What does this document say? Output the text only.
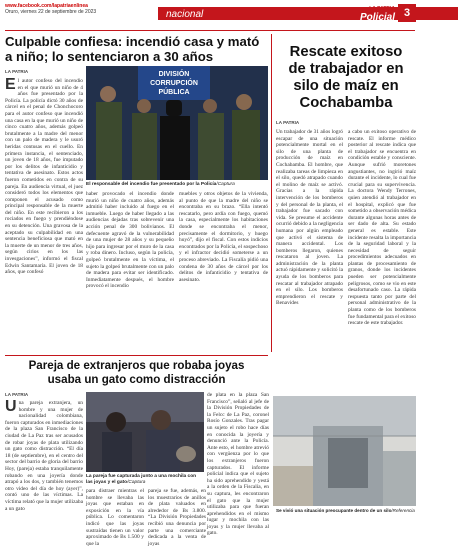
www.facebook.com/lapatriaenlinea
Oruro, viernes 22 de septiembre de 2023	nacional	LA PATRIA
Policial 3
Culpable confiesa: incendió casa y mató
a niño; lo sentenciaron a 30 años
LA PATRIA
El autor confeso del incendio en el que murió un niño de 4 años fue presentado por la Policía. La policía dictó 30 años de cárcel en el penal de Chonchocoro para el autor confeso que incendió una casa en la que murió un niño de cinco cuatro años, además golpeó brutalmente a la madre del menor con un palo de madera y le usuró heridas contusas en el cuello. En primera instancia, el sentenciado, un joven de 18 años, fue imputado por los delitos de infanticidio y tentativa de asesinato. Estos actos fueron cometidos en contra de su pareja. En audiencia virtual, el juez consideró todos los elementos que componen el acusado como principal responsable de la muerte del niño. En este recibieron a los rociados en fuego y prendiéndose en su detención. Una gravosa de la aceptado su culpabilidad en una sentencia beneficiosa que mató en la muerte de un menor de tres años, según cirios en los las invesgaciones”, informó el fiscal Edwin Santamaría. El joven de 18 años, que confesó
DIVISIÓN
CORRUPCIÓN
PÚBLICA
El responsable del incendio fue presentado por la Policía/Captura
haber provocado el incendio donde murió un niño de cuatro años, además admitió haber incluido al fuego en el inmueble. Luego de haber llegado a las audiencias dejadas tras sobrevenir una acción penal de 300 bolivianos. El defecuente agravó de la vulnerabilidad de una mujer de 28 años y su pequeño hijo para ingresar por el muro de la casa y roba dinero. Incluso, según la policía, golpeó brutalmente en la víctima, el sujeto la golpeó brutalmente con un palo de madera para evitar ser identificado. Inmediatamente después, el hombre provocó el incendio
muebles y otros objetos de la vivienda, al punto de que la madre del niño se encontraba en su brazo. “Ella intentó rescatarlo, pero ardía con fuego, quemó la casa, especialmente los habitaciones donde se encontraba el menor, precisamente el dormitorio, y huego huyó”, dijo el fiscal. Con estos indicios encontrados por la Policía, el sospechoso y el infractor decidió someterse a un proceso abreviado. La Fiscalía pidió una condena de 30 años de cárcel por los delitos de infanticidio y tentativa de asesinato.
Rescate exitoso
de trabajador en
silo de maíz en
Cochabamba
LA PATRIA
Un trabajador de 31 años logró escapar de una situación potencialmente mortal en el silo de una planta de producción de maíz en Cochabamba. El hombre, que realizaba tareas de limpieza en el silo, quedó atrapado cuando el molino de maíz se activó. Gracias a la rápida intervención de los bomberos y del personal de la planta, el trabajador fue sacado con vida. Se presume el accidente ocurrió debido a la negligencia humana por algún empleado que activó el sistema de manera accidental. Los bomberos llegaron, quienes rescataron al joven. La administración de la planta actuó rápidamente y solicitó la ayuda de los bomberos para rescatar al trabajador atrapado en el silo. Los bomberos emprendieron el rescate y Benavides
a cabo un exitoso operativo de rescate. El informe médico posterior al rescate indica que el trabajador se encuentra en condición estable y consciente. Aunque sufrió moretones angustiantes, no ingirió maíz durante el incidente, lo cual fue crucial para su supervivencia. La doctora Wendy Terrones, quien atendió al trabajador en el hospital, explicó que fue sometido a observación médica durante algunas horas antes de ser dado de alta. Su estado general es estable. Este incidente resalta la importancia de la seguridad laboral y la necesidad de seguir procedimientos adecuados en plantas de procesamiento de granos, donde los incidentes pueden ser potencialmente peligrosos, como se vio en este desafortunado caso. La rápida respuesta tanto por parte del personal administrativo de la planta como de los bomberos fue fundamental para el exitoso rescate de este trabajador.
Se vivió una situación preocupante dentro de un silo/Referencia
Pareja de extranjeros que robaba joyas
usaba un gato como distracción
LA PATRIA
Una pareja extranjera, un hombre y una mujer de nacionalidad colombiana, fueron capturados en inmediaciones de la plaza San Francisco de la ciudad de La Paz tras ser acusados de robar joyas de plata utilizando un gato como distracción. “El día 18 (de septiembre), en el centro del sector del barrio de gloria del barrio Hoy, (pareja) estaba tranquilamente robando en una joyería donde atrapó a los dos, y también tenemos otro video del día de hoy (ayer)”, contó uno de las víctimas. La víctima relató que la mujer utilizaba a un gato
La pareja fue capturada junto a una mochila con las joyas y el gato/Captura
para distraer mientras el hombre se llevaba las joyas que estaban en exposición en la vía pública. Lo comentaron indicó que las joyas sustraídas tienen un valor aproximado de Bs 1.500 y que la
pareja se fue, además, en los muestrarios de anillos de plata valuados en alrededor de Bs 3.800. “La División Propiedades recibió una denuncia por parte una comerciante dedicada a la venta de joyas
de plata en la plaza San Francisco”, señaló al jefe de la División Propiedades de la Felcc de La Paz, coronel Rosío Gonzales. Tras pagar un sujeto el robo hace días en conocida la joyería y denunció ante la Policía. Ante esto, el hombre atrevió con vergüenza por lo que los extranjeros fueron capturados. El informe policial indica que el sujeto ha sido aprehendido y yestá a la orden de la Fiscalía, en su captura, les encontraron el gato que la mujer utilizaba para que fueran aprehendidos en el mismo lugar y mochila con las joyas y la mujer llevaba al gato.
